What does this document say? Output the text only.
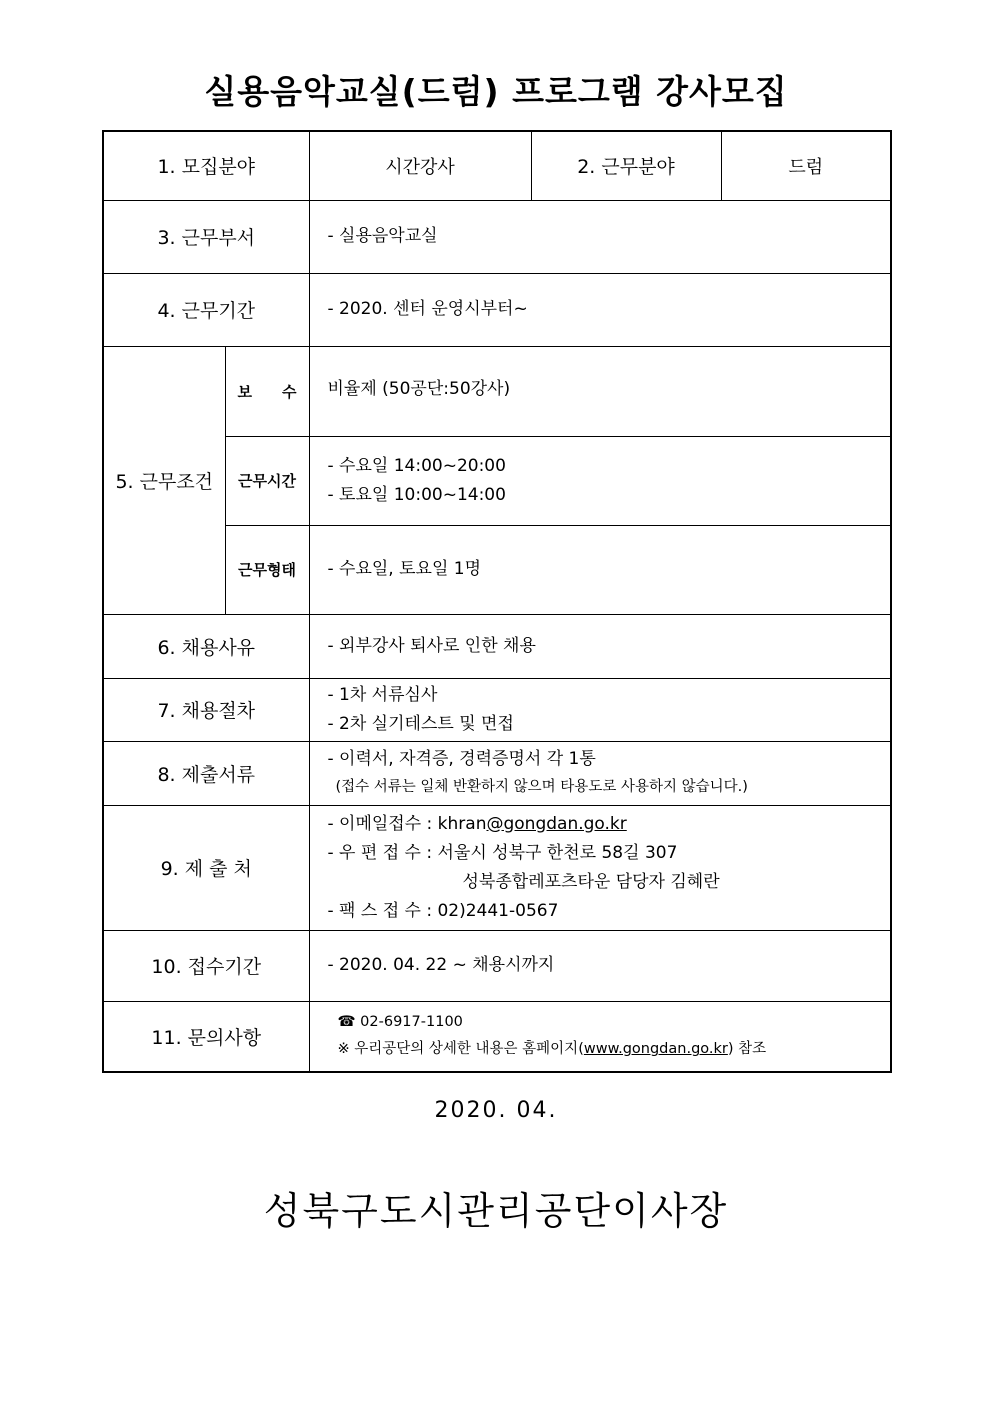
실용음악교실(드럼) 프로그램 강사모집
1. 모집분야		시간강사	2. 근무분야	드럼
3. 근무부서		- 실용음악교실		
4. 근무기간		- 2020. 센터 운영시부터~		
5. 근무조건	보　　수	비율제 (50공단:50강사)		
	근무시간	- 수요일 14:00~20:00
- 토요일 10:00~14:00		

	근무형태	- 수요일, 토요일 1명		
6. 채용사유		- 외부강사 퇴사로 인한 채용		
7. 채용절차		- 1차 서류심사
- 2차 실기테스트 및 면접		

8. 제출서류		- 이력서, 자격증, 경력증명서 각 1통
(접수 서류는 일체 반환하지 않으며 타용도로 사용하지 않습니다.)		

9. 제 출 처		- 이메일접수 : khran@gongdan.go.kr
- 우 편 접 수 : 서울시 성북구 한천로 58길 307
성북종합레포츠타운 담당자 김혜란
- 팩 스 접 수 : 02)2441-0567		

10. 접수기간		- 2020. 04. 22 ~ 채용시까지		
11. 문의사항		☎ 02-6917-1100
※ 우리공단의 상세한 내용은 홈페이지(www.gongdan.go.kr) 참조		
2020. 04.
성북구도시관리공단이사장
